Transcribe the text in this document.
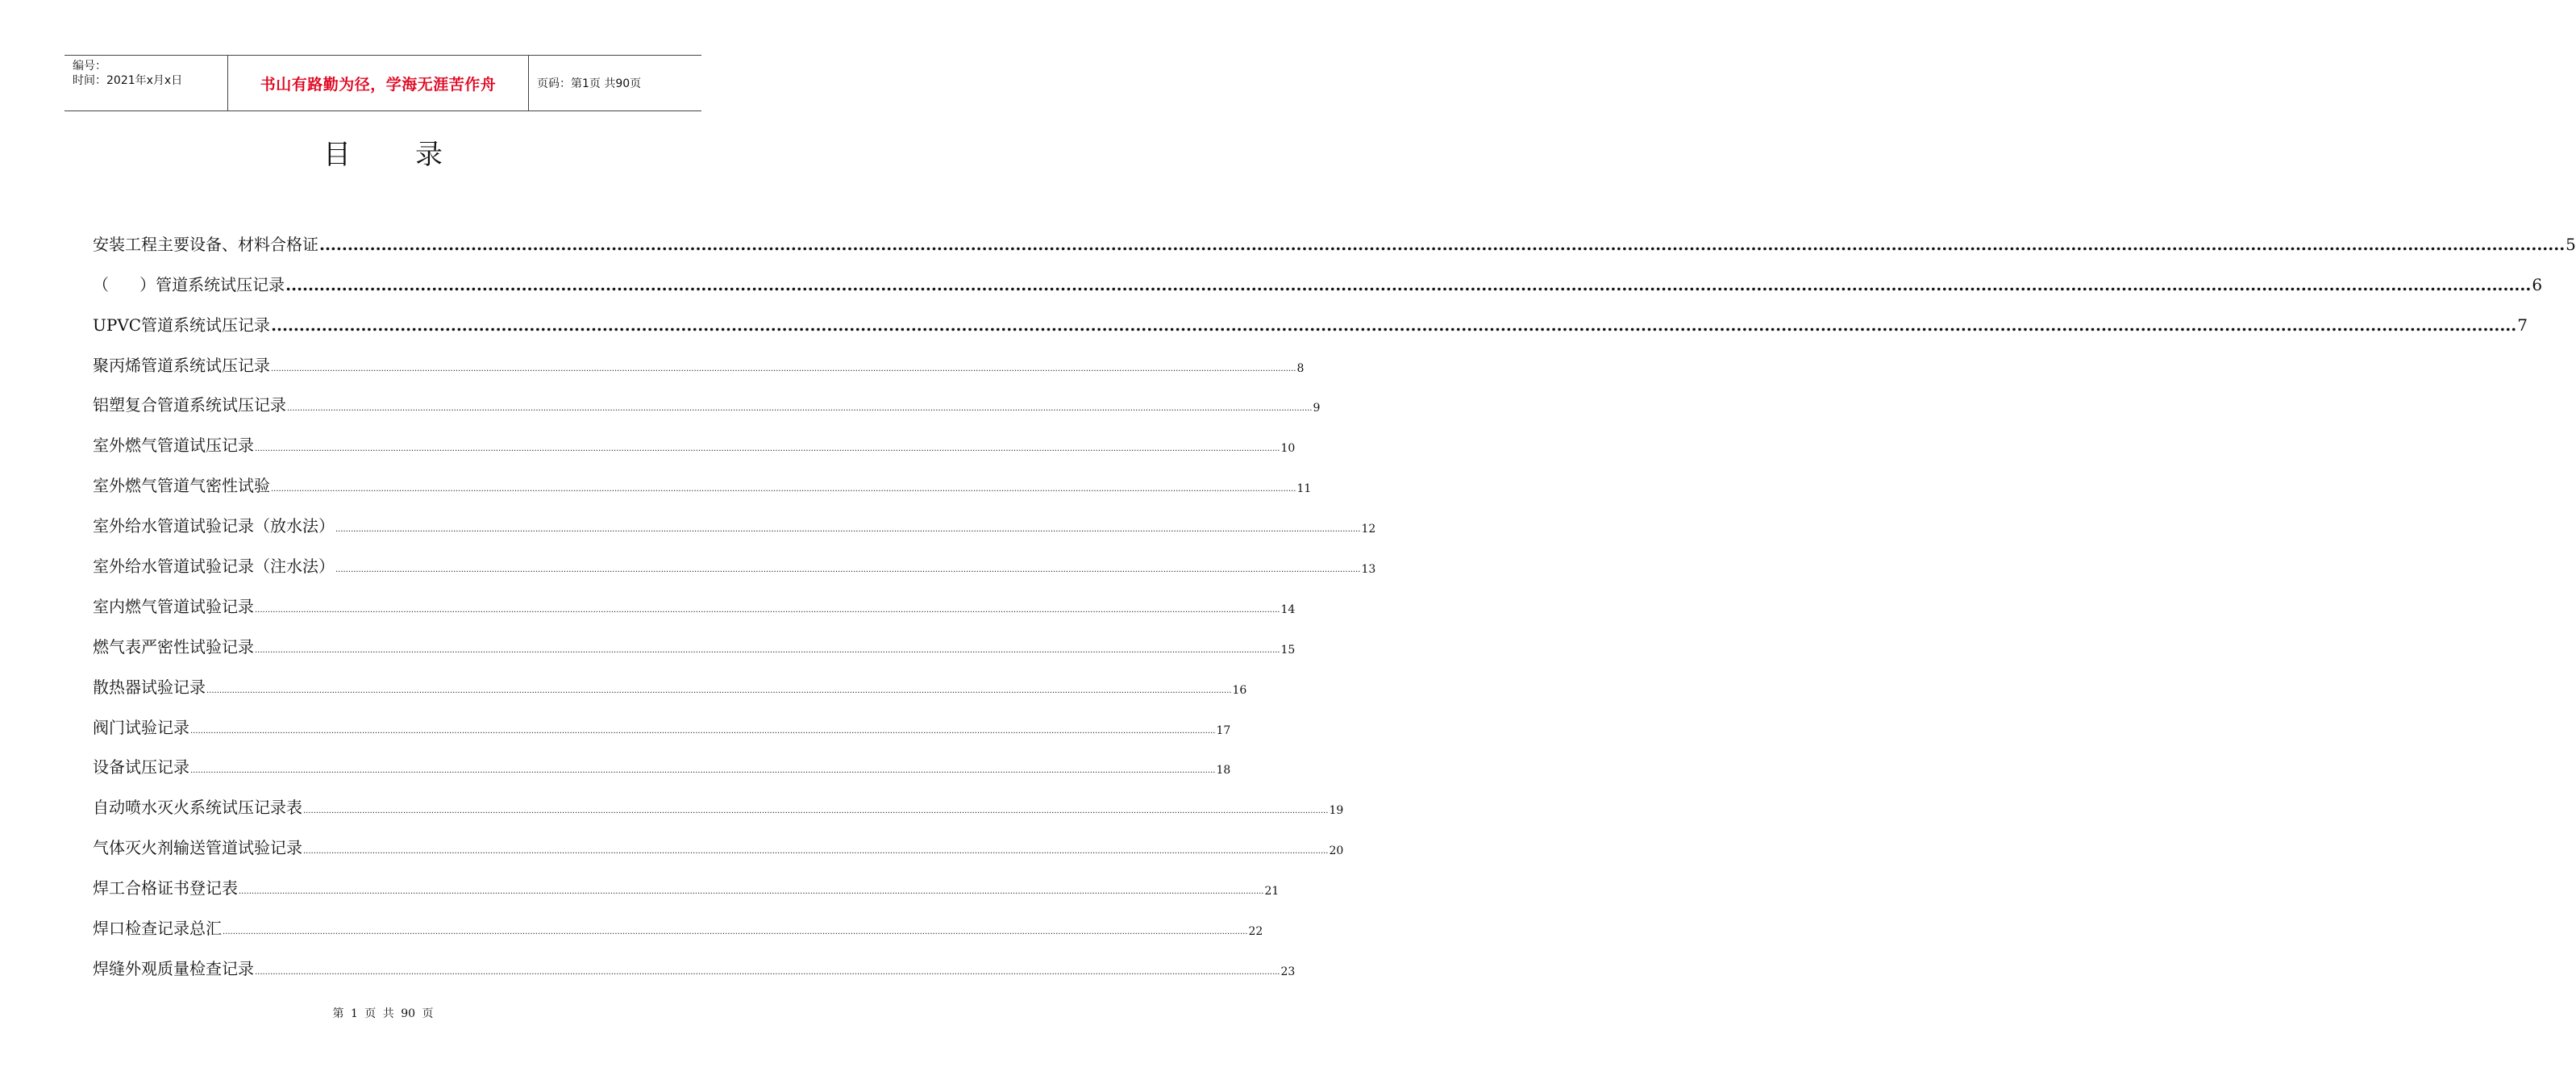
编号：
时间：2021年x月x日	书山有路勤为径，学海无涯苦作舟	页码：第1页 共90页
目录
安装工程主要设备、材料合格证 ................................................................................................................................................................................................................................................................................................................................................................................................................ 5
（      ）管道系统试压记录 ................................................................................................................................................................................................................................................................................................................................................................................................................ 6
UPVC管道系统试压记录 ................................................................................................................................................................................................................................................................................................................................................................................................................ 7
聚丙烯管道系统试压记录 ................................................................................................................................................................................................................................................................................................................................................................................................................ 8
铝塑复合管道系统试压记录 ................................................................................................................................................................................................................................................................................................................................................................................................................ 9
室外燃气管道试压记录 ................................................................................................................................................................................................................................................................................................................................................................................................................ 10
室外燃气管道气密性试验 ................................................................................................................................................................................................................................................................................................................................................................................................................ 11
室外给水管道试验记录（放水法） ................................................................................................................................................................................................................................................................................................................................................................................................................ 12
室外给水管道试验记录（注水法） ................................................................................................................................................................................................................................................................................................................................................................................................................ 13
室内燃气管道试验记录 ................................................................................................................................................................................................................................................................................................................................................................................................................ 14
燃气表严密性试验记录 ................................................................................................................................................................................................................................................................................................................................................................................................................ 15
散热器试验记录 ................................................................................................................................................................................................................................................................................................................................................................................................................ 16
阀门试验记录 ................................................................................................................................................................................................................................................................................................................................................................................................................ 17
设备试压记录 ................................................................................................................................................................................................................................................................................................................................................................................................................ 18
自动喷水灭火系统试压记录表 ................................................................................................................................................................................................................................................................................................................................................................................................................ 19
气体灭火剂输送管道试验记录 ................................................................................................................................................................................................................................................................................................................................................................................................................ 20
焊工合格证书登记表 ................................................................................................................................................................................................................................................................................................................................................................................................................ 21
焊口检查记录总汇 ................................................................................................................................................................................................................................................................................................................................................................................................................ 22
焊缝外观质量检查记录 ................................................................................................................................................................................................................................................................................................................................................................................................................ 23
第 1 页 共 90 页
